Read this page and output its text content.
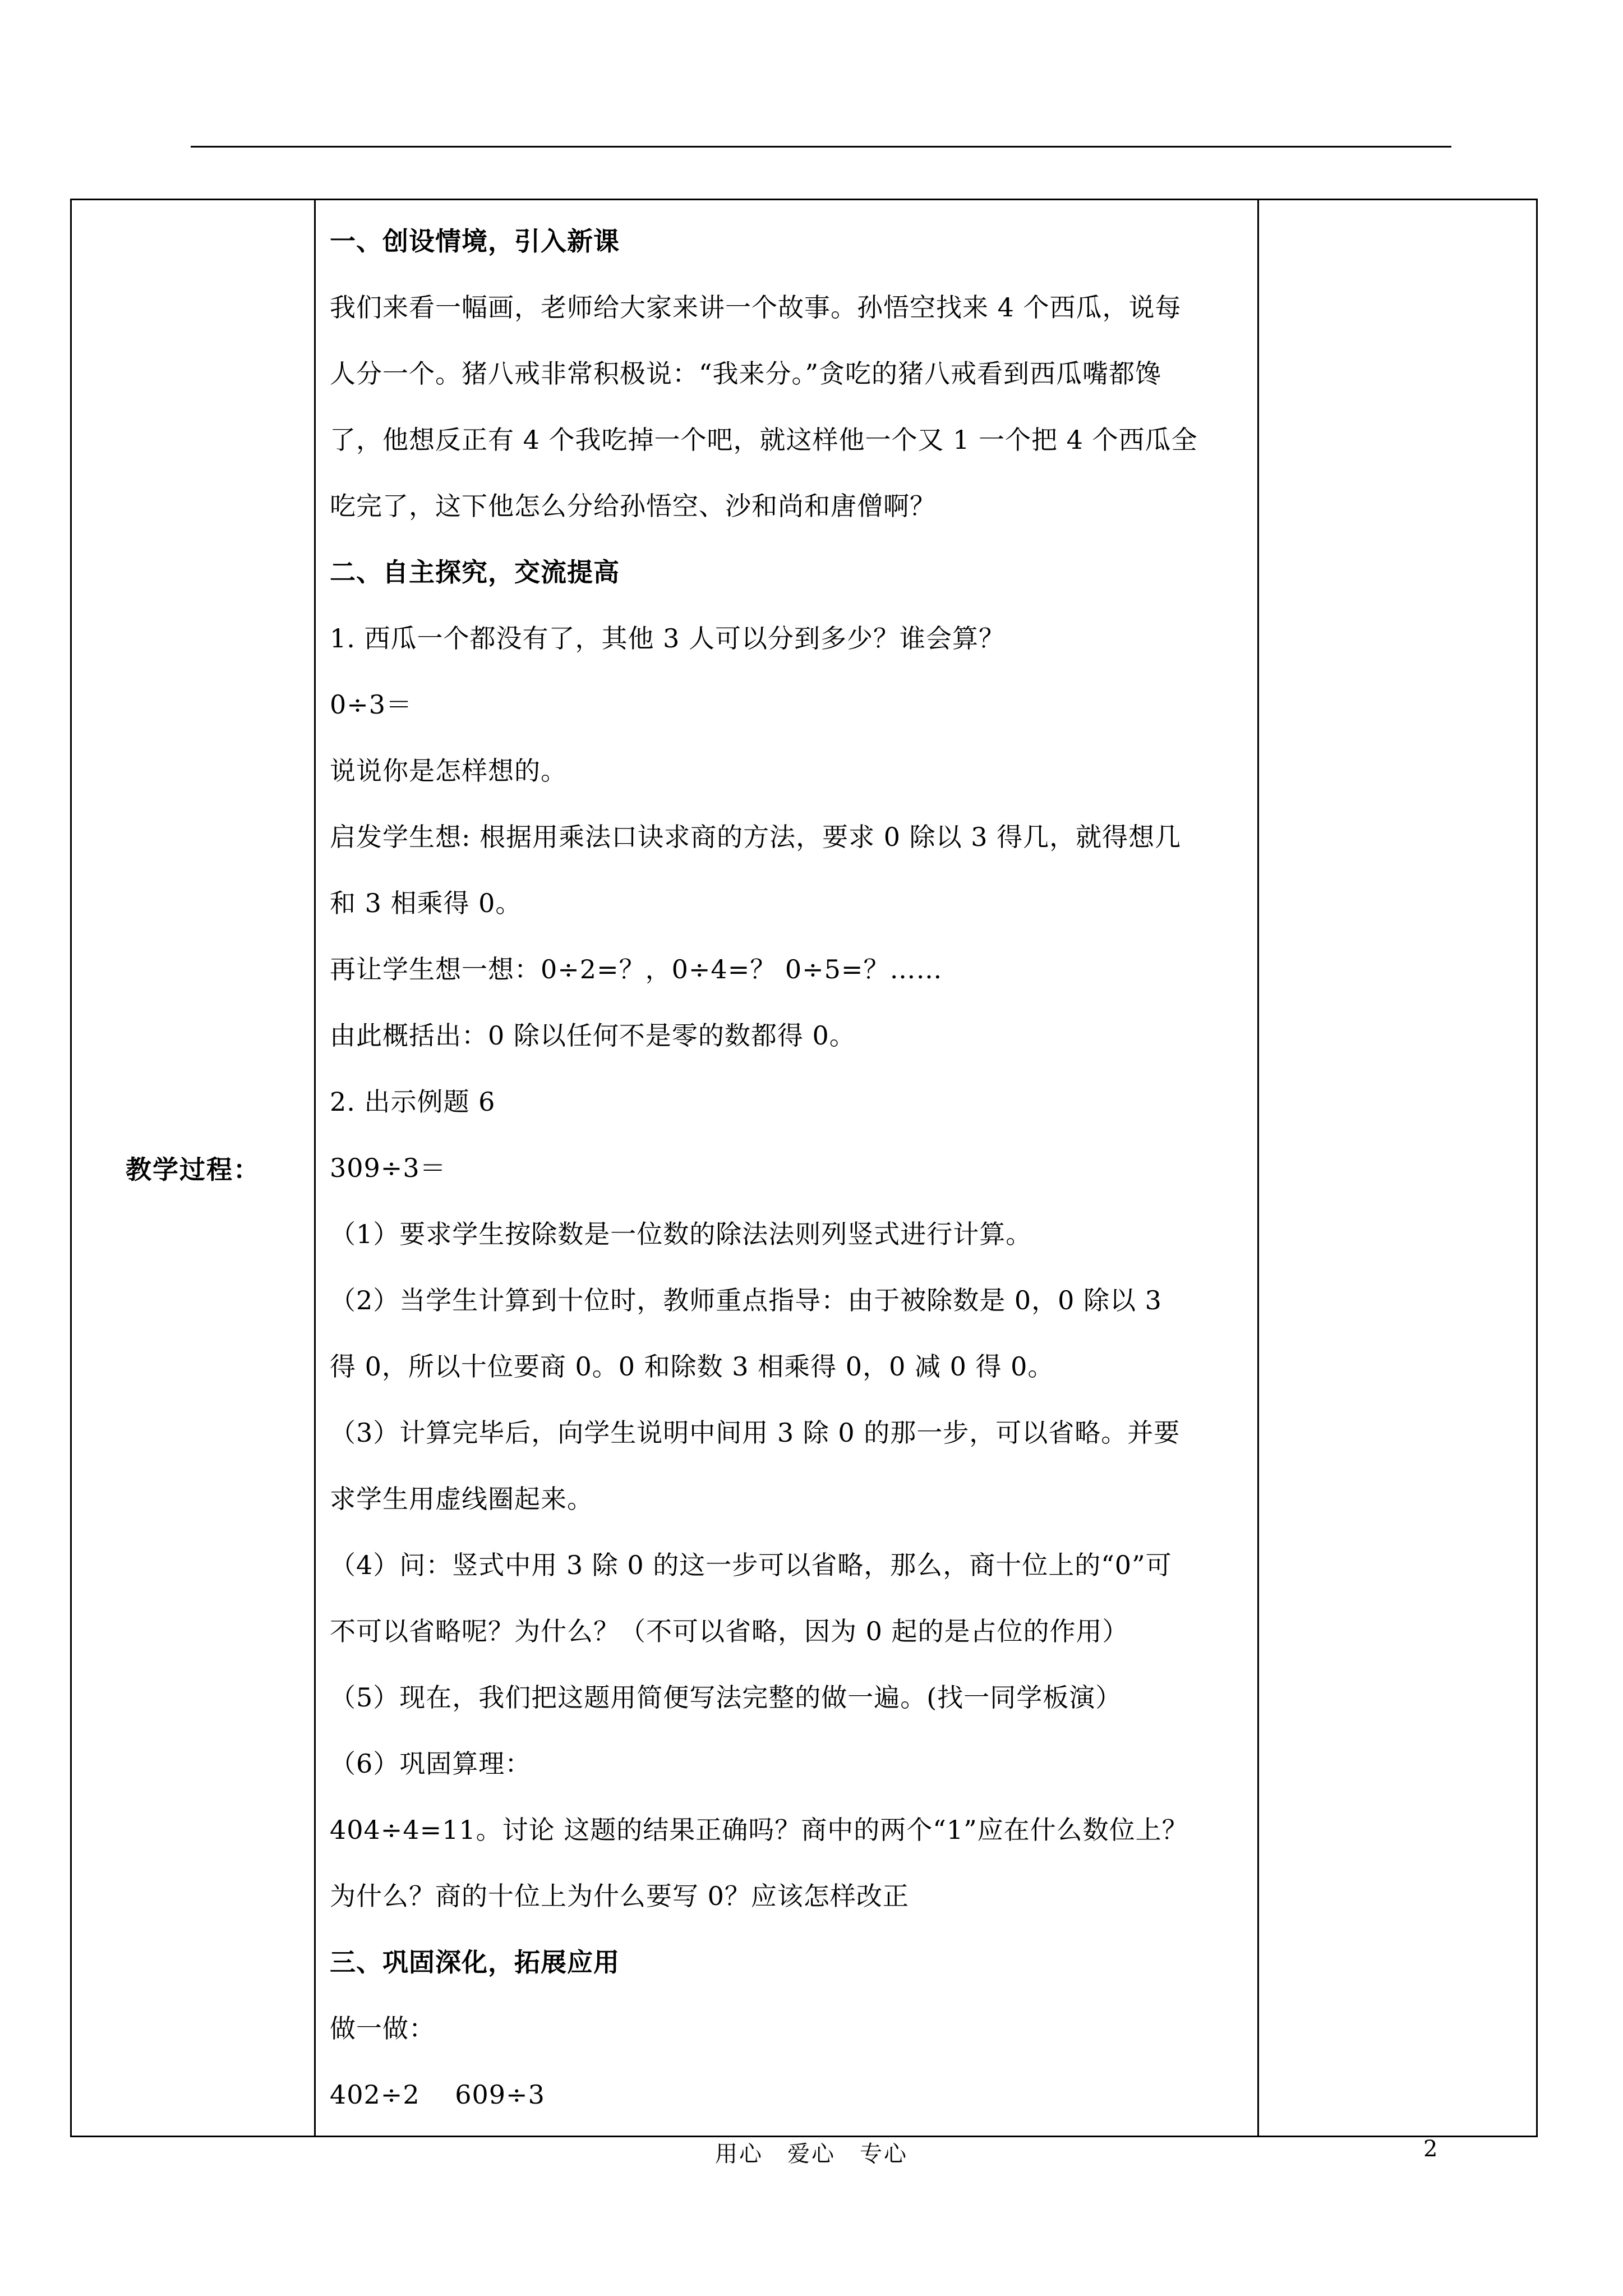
教学过程：	
一、创设情境，引入新课
我们来看一幅画，老师给大家来讲一个故事。孙悟空找来 4 个西瓜，说每
人分一个。猪八戒非常积极说：“我来分。”贪吃的猪八戒看到西瓜嘴都馋
了，他想反正有 4 个我吃掉一个吧，就这样他一个又 1 一个把 4 个西瓜全
吃完了，这下他怎么分给孙悟空、沙和尚和唐僧啊？
二、自主探究，交流提高
1. 西瓜一个都没有了，其他 3 人可以分到多少？谁会算？
0÷3＝
说说你是怎样想的。
启发学生想: 根据用乘法口诀求商的方法，要求 0 除以 3 得几，就得想几
和 3 相乘得 0。
再让学生想一想：0÷2=？，0÷4=？ 0÷5=？……
由此概括出：0 除以任何不是零的数都得 0。
2. 出示例题 6
309÷3＝
（1）要求学生按除数是一位数的除法法则列竖式进行计算。
（2）当学生计算到十位时，教师重点指导：由于被除数是 0，0 除以 3
得 0，所以十位要商 0。0 和除数 3 相乘得 0，0 减 0 得 0。
（3）计算完毕后，向学生说明中间用 3 除 0 的那一步，可以省略。并要
求学生用虚线圈起来。
（4）问：竖式中用 3 除 0 的这一步可以省略，那么，商十位上的“0”可
不可以省略呢？为什么？（不可以省略，因为 0 起的是占位的作用）
（5）现在，我们把这题用简便写法完整的做一遍。(找一同学板演）
（6）巩固算理：
404÷4=11。讨论 这题的结果正确吗？商中的两个“1”应在什么数位上？
为什么？商的十位上为什么要写 0？应该怎样改正
三、巩固深化，拓展应用
做一做：
402÷2　 609÷3

用心　爱心　专心	2
